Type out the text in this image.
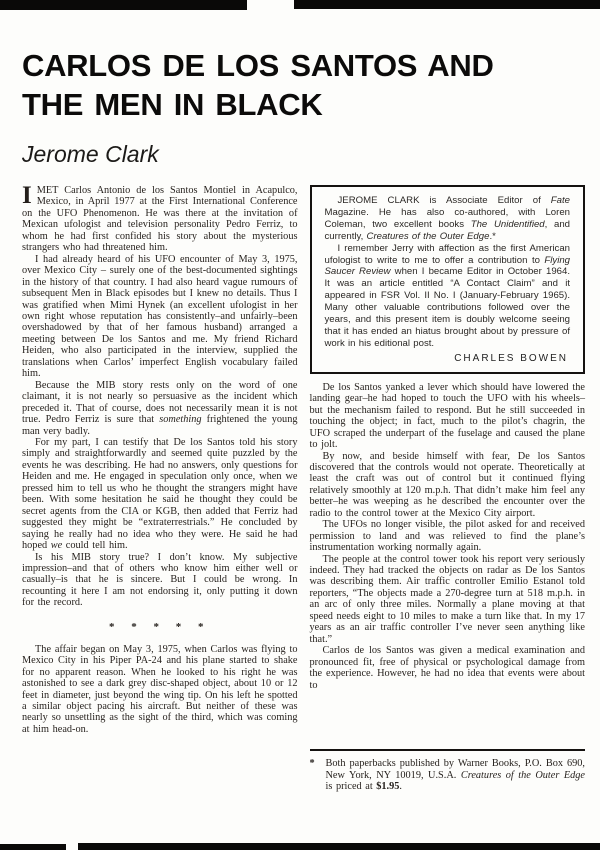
CARLOS DE LOS SANTOS AND
THE MEN IN BLACK
Jerome Clark

IMET Carlos Antonio de los Santos Montiel in Acapulco, Mexico, in April 1977 at the First International Conference on the UFO Phenomenon. He was there at the invitation of Mexican ufologist and television personality Pedro Ferriz, to whom he had first confided his story about the mysterious strangers who had threatened him.

I had already heard of his UFO encounter of May 3, 1975, over Mexico City – surely one of the best-documented sightings in the history of that country. I had also heard vague rumours of subsequent Men in Black episodes but I knew no details. Thus I was gratified when Mimi Hynek (an excellent ufologist in her own right whose reputation has consistently–and unfairly–been overshadowed by that of her famous husband) arranged a meeting between De los Santos and me. My friend Richard Heiden, who also participated in the interview, supplied the translations when Carlos’ imperfect English vocabulary failed him.

Because the MIB story rests only on the word of one claimant, it is not nearly so persuasive as the incident which preceded it. That of course, does not necessarily mean it is not true. Pedro Ferriz is sure that something frightened the young man very badly.

For my part, I can testify that De los Santos told his story simply and straightforwardly and seemed quite puzzled by the events he was describing. He had no answers, only questions for Heiden and me. He engaged in speculation only once, when we pressed him to tell us who he thought the strangers might have been. With some hesitation he said he thought they could be secret agents from the CIA or KGB, then added that Ferriz had suggested they might be “extraterrestrials.” He concluded by saying he really had no idea who they were. He said he had hoped we could tell him.

Is his MIB story true? I don’t know. My subjective impression–and that of others who know him either well or casually–is that he is sincere. But I could be wrong. In recounting it here I am not endorsing it, only putting it down for the record.

* * * * *

The affair began on May 3, 1975, when Carlos was flying to Mexico City in his Piper PA-24 and his plane started to shake for no apparent reason. When he looked to his right he was astonished to see a dark grey disc-shaped object, about 10 or 12 feet in diameter, just beyond the wing tip. On his left he spotted a similar object pacing his aircraft. But neither of these was nearly so unsettling as the sight of the third, which was coming at him head-on.

JEROME CLARK is Associate Editor of Fate Magazine. He has also co-authored, with Loren Coleman, two excellent books The Unidentified, and currently, Creatures of the Outer Edge.*

I remember Jerry with affection as the first American ufologist to write to me to offer a contribution to Flying Saucer Review when I became Editor in October 1964. It was an article entitled “A Contact Claim” and it appeared in FSR Vol. II No. I (January-February 1965). Many other valuable contributions followed over the years, and this present item is doubly welcome seeing that it has ended an hiatus brought about by pressure of work in his editional post.

CHARLES BOWEN

De los Santos yanked a lever which should have lowered the landing gear–he had hoped to touch the UFO with his wheels–but the mechanism failed to respond. But he still succeeded in touching the object; in fact, much to the pilot’s chagrin, the UFO scraped the underpart of the fuselage and caused the plane to jolt.

By now, and beside himself with fear, De los Santos discovered that the controls would not operate. Theoretically at least the craft was out of control but it continued flying relatively smoothly at 120 m.p.h. That didn’t make him feel any better–he was weeping as he described the encounter over the radio to the control tower at the Mexico City airport.

The UFOs no longer visible, the pilot asked for and received permission to land and was relieved to find the plane’s instrumentation working normally again.

The people at the control tower took his report very seriously indeed. They had tracked the objects on radar as De los Santos was describing them. Air traffic controller Emilio Estanol told reporters, “The objects made a 270-degree turn at 518 m.p.h. in an arc of only three miles. Normally a plane moving at that speed needs eight to 10 miles to make a turn like that. In my 17 years as an air traffic controller I’ve never seen anything like that.”

Carlos de los Santos was given a medical examination and pronounced fit, free of physical or psychological damage from the experience. However, he had no idea that events were about to

*	Both paperbacks published by Warner Books, P.O. Box 690, New York, NY 10019, U.S.A. Creatures of the Outer Edge is priced at $1.95.
